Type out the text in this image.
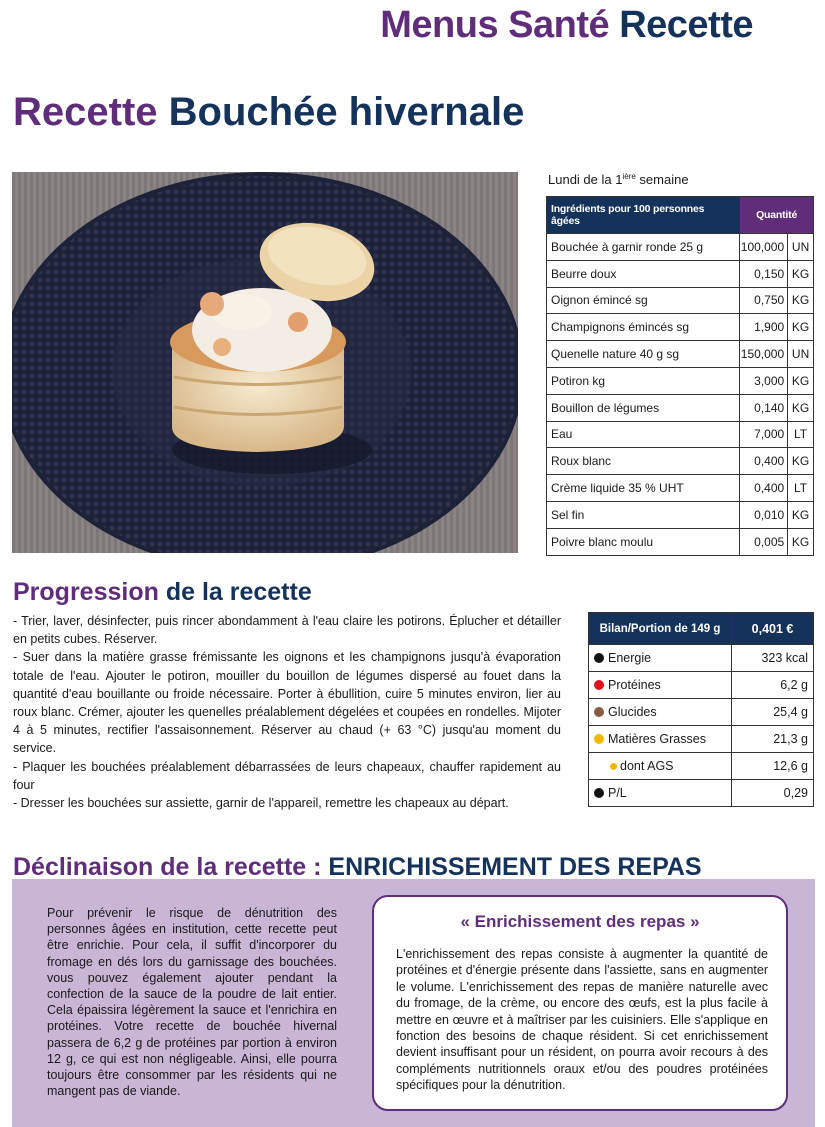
Menus Santé Recette
Recette Bouchée hivernale
Lundi de la $1^{ière}$ semaine
Ingrédients pour 100 personnes âgées	Quantité	
Bouchée à garnir ronde 25 g	100,000	UN
Beurre doux	0,150	KG
Oignon émincé sg	0,750	KG
Champignons émincés sg	1,900	KG
Quenelle nature 40 g sg	150,000	UN
Potiron kg	3,000	KG
Bouillon de légumes	0,140	KG
Eau	7,000	LT
Roux blanc	0,400	KG
Crème liquide 35 % UHT	0,400	LT
Sel fin	0,010	KG
Poivre blanc moulu	0,005	KG
Progression de la recette

- Trier, laver, désinfecter, puis rincer abondamment à l'eau claire les potirons. Éplucher et détailler en petits cubes. Réserver.

- Suer dans la matière grasse frémissante les oignons et les champignons jusqu'à évaporation totale de l'eau. Ajouter le potiron, mouiller du bouillon de légumes dispersé au fouet dans la quantité d'eau bouillante ou froide nécessaire. Porter à ébullition, cuire 5 minutes environ, lier au roux blanc. Crémer, ajouter les quenelles préalablement dégelées et coupées en rondelles. Mijoter 4 à 5 minutes, rectifier l'assaisonnement. Réserver au chaud (+ 63 °C) jusqu'au moment du service.

- Plaquer les bouchées préalablement débarrassées de leurs chapeaux, chauffer rapidement au four

- Dresser les bouchées sur assiette, garnir de l'appareil, remettre les chapeaux au départ.

Bilan/Portion de 149 g	0,401 €
Energie	323 kcal
Protéines	6,2 g
Glucides	25,4 g
Matières Grasses	21,3 g
dont AGS	12,6 g
P/L	0,29
Déclinaison de la recette : ENRICHISSEMENT DES REPAS
Pour prévenir le risque de dénutrition des personnes âgées en institution, cette recette peut être enrichie. Pour cela, il suffit d'incorporer du fromage en dés lors du garnissage des bouchées. vous pouvez également ajouter pendant la confection de la sauce de la poudre de lait entier. Cela épaissira légèrement la sauce et l'enrichira en protéines. Votre recette de bouchée hivernal passera de 6,2 g de protéines par portion à environ 12 g, ce qui est non négligeable. Ainsi, elle pourra toujours être consommer par les résidents qui ne mangent pas de viande.
« Enrichissement des repas »
L'enrichissement des repas consiste à augmenter la quantité de protéines et d'énergie présente dans l'assiette, sans en augmenter le volume. L'enrichissement des repas de manière naturelle avec du fromage, de la crème, ou encore des œufs, est la plus facile à mettre en œuvre et à maîtriser par les cuisiniers. Elle s'applique en fonction des besoins de chaque résident. Si cet enrichissement devient insuffisant pour un résident, on pourra avoir recours à des compléments nutritionnels oraux et/ou des poudres protéinées spécifiques pour la dénutrition.
